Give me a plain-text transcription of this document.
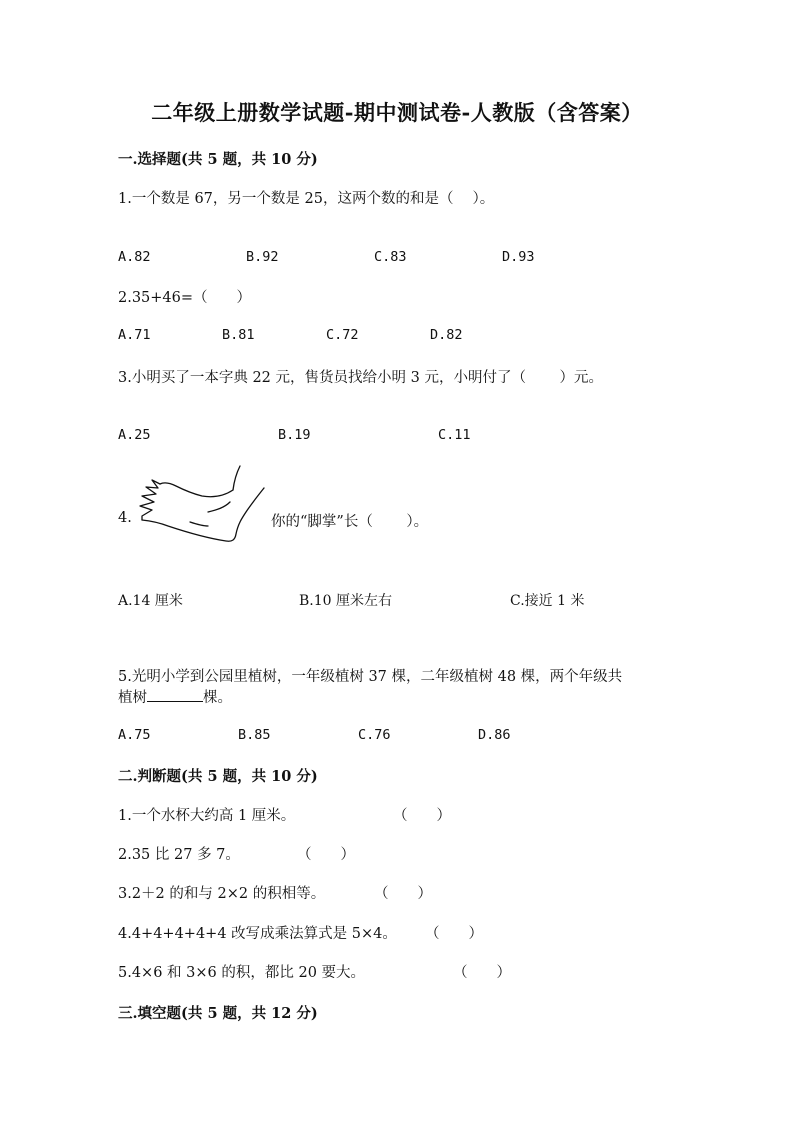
二年级上册数学试题-期中测试卷-人教版（含答案）
一.选择题(共 5 题，共 10 分)
1.一个数是 67，另一个数是 25，这两个数的和是（　 ）。
A.82	B.92	C.83	D.93
2.35+46=（　　）
A.71	B.81	C.72	D.82
3.小明买了一本字典 22 元，售货员找给小明 3 元，小明付了（　　 ）元。
A.25	B.19	C.11
4.	你的“脚掌”长（　　 ）。
A.14 厘米	B.10 厘米左右	C.接近 1 米
5.光明小学到公园里植树，一年级植树 37 棵，二年级植树 48 棵，两个年级共
植树	棵。
A.75	B.85	C.76	D.86
二.判断题(共 5 题，共 10 分)
1.一个水杯大约高 1 厘米。	（　　）
2.35 比 27 多 7。	（　　）
3.2＋2 的和与 2×2 的积相等。	（　　）
4.4+4+4+4+4 改写成乘法算式是 5×4。 （　　）
5.4×6 和 3×6 的积，都比 20 要大。	（　　）
三.填空题(共 5 题，共 12 分)
